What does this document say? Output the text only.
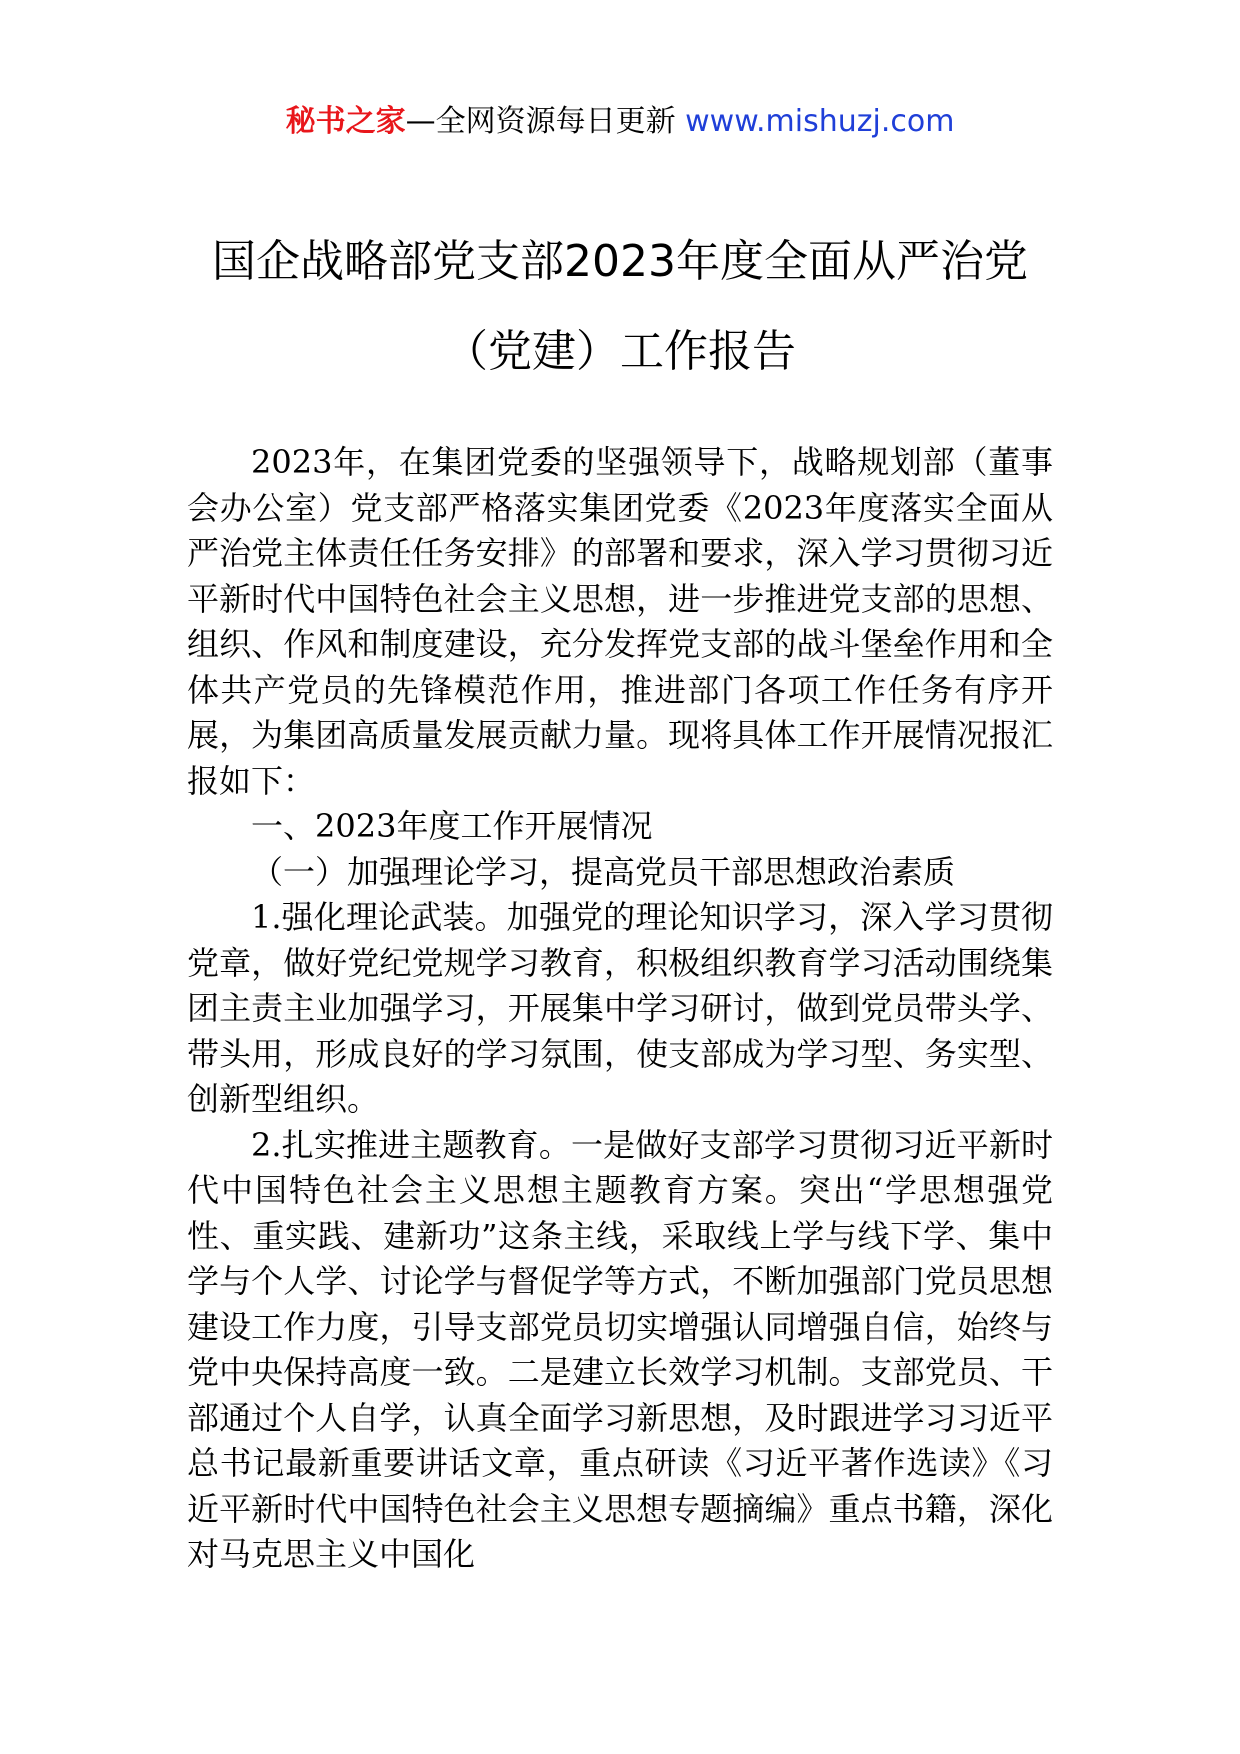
秘书之家—全网资源每日更新 www.mishuzj.com
国企战略部党支部2023年度全面从严治党
（党建）工作报告

2023年，在集团党委的坚强领导下，战略规划部（董事会办公室）党支部严格落实集团党委《2023年度落实全面从严治党主体责任任务安排》的部署和要求，深入学习贯彻习近平新时代中国特色社会主义思想，进一步推进党支部的思想、组织、作风和制度建设，充分发挥党支部的战斗堡垒作用和全体共产党员的先锋模范作用，推进部门各项工作任务有序开展，为集团高质量发展贡献力量。现将具体工作开展情况报汇报如下：

一、2023年度工作开展情况

（一）加强理论学习，提高党员干部思想政治素质

1.强化理论武装。加强党的理论知识学习，深入学习贯彻党章，做好党纪党规学习教育，积极组织教育学习活动围绕集团主责主业加强学习，开展集中学习研讨，做到党员带头学、带头用，形成良好的学习氛围，使支部成为学习型、务实型、创新型组织。

2.扎实推进主题教育。一是做好支部学习贯彻习近平新时代中国特色社会主义思想主题教育方案。突出“学思想强党性、重实践、建新功”这条主线，采取线上学与线下学、集中学与个人学、讨论学与督促学等方式，不断加强部门党员思想建设工作力度，引导支部党员切实增强认同增强自信，始终与党中央保持高度一致。二是建立长效学习机制。支部党员、干部通过个人自学，认真全面学习新思想，及时跟进学习习近平总书记最新重要讲话文章，重点研读《习近平著作选读》《习近平新时代中国特色社会主义思想专题摘编》重点书籍，深化对马克思主义中国化
